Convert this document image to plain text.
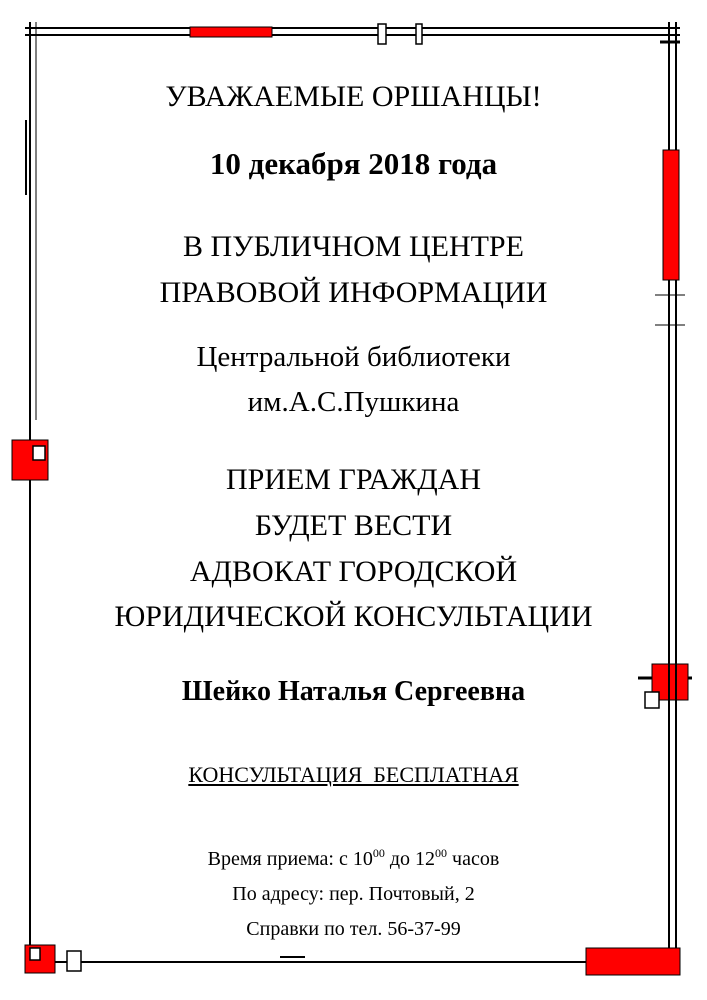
УВАЖАЕМЫЕ ОРШАНЦЫ!
10 декабря 2018 года
В ПУБЛИЧНОМ ЦЕНТРЕ
ПРАВОВОЙ ИНФОРМАЦИИ
Центральной библиотеки
им.А.С.Пушкина
ПРИЕМ ГРАЖДАН
БУДЕТ ВЕСТИ
АДВОКАТ ГОРОДСКОЙ
ЮРИДИЧЕСКОЙ КОНСУЛЬТАЦИИ
Шейко Наталья Сергеевна
КОНСУЛЬТАЦИЯ  БЕСПЛАТНАЯ
Время приема: с $10^{00}$ до $12^{00}$ часов
По адресу: пер. Почтовый, 2
Справки по тел. 56-37-99
